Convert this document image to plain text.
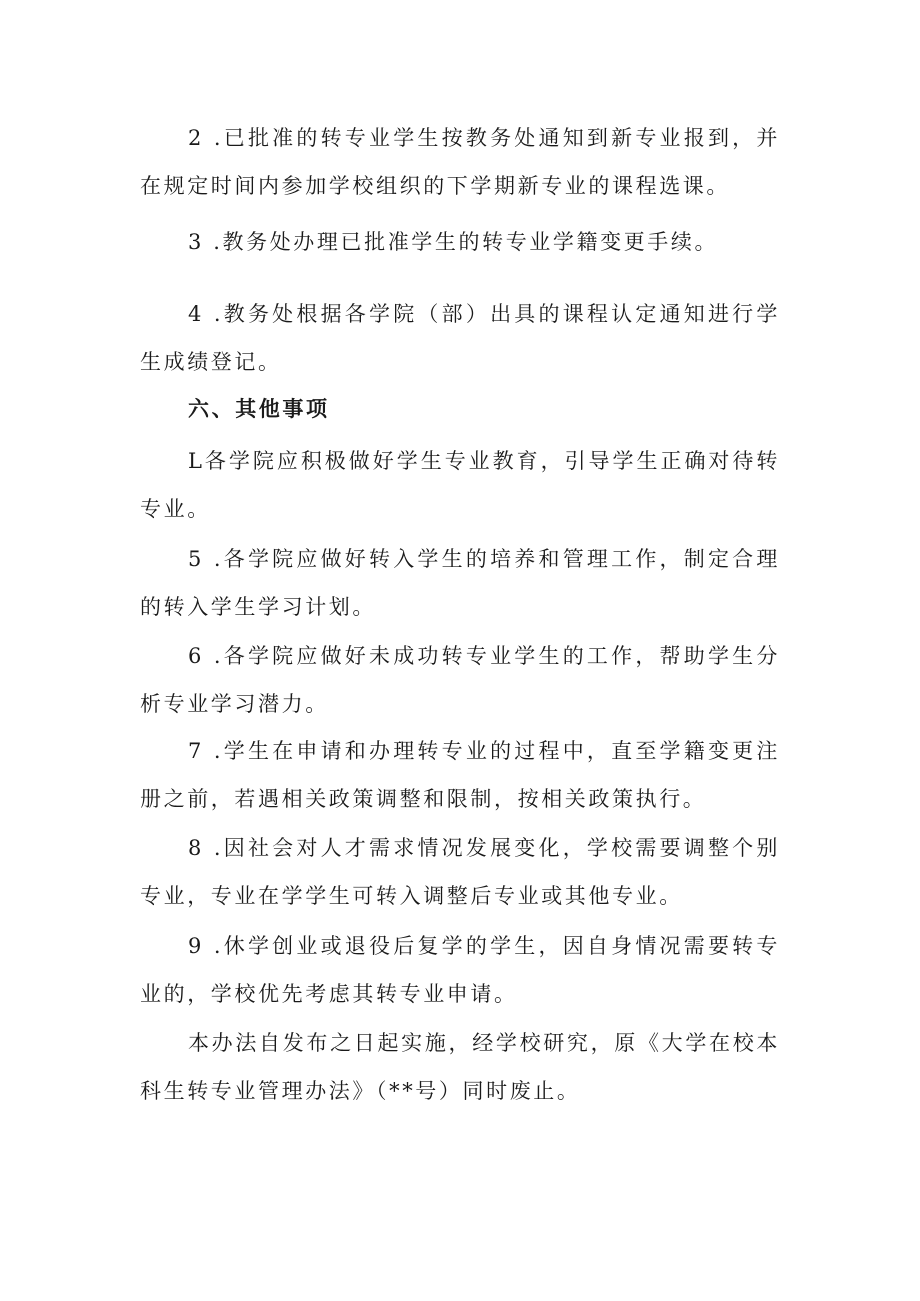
2 .已批准的转专业学生按教务处通知到新专业报到，并在规定时间内参加学校组织的下学期新专业的课程选课。

3 .教务处办理已批准学生的转专业学籍变更手续。

4 .教务处根据各学院（部）出具的课程认定通知进行学生成绩登记。

六、其他事项

L各学院应积极做好学生专业教育，引导学生正确对待转专业。

5 .各学院应做好转入学生的培养和管理工作，制定合理的转入学生学习计划。

6 .各学院应做好未成功转专业学生的工作，帮助学生分析专业学习潜力。

7 .学生在申请和办理转专业的过程中，直至学籍变更注册之前，若遇相关政策调整和限制，按相关政策执行。

8 .因社会对人才需求情况发展变化，学校需要调整个别专业，专业在学学生可转入调整后专业或其他专业。

9 .休学创业或退役后复学的学生，因自身情况需要转专业的，学校优先考虑其转专业申请。

本办法自发布之日起实施，经学校研究，原《大学在校本科生转专业管理办法》（**号）同时废止。
